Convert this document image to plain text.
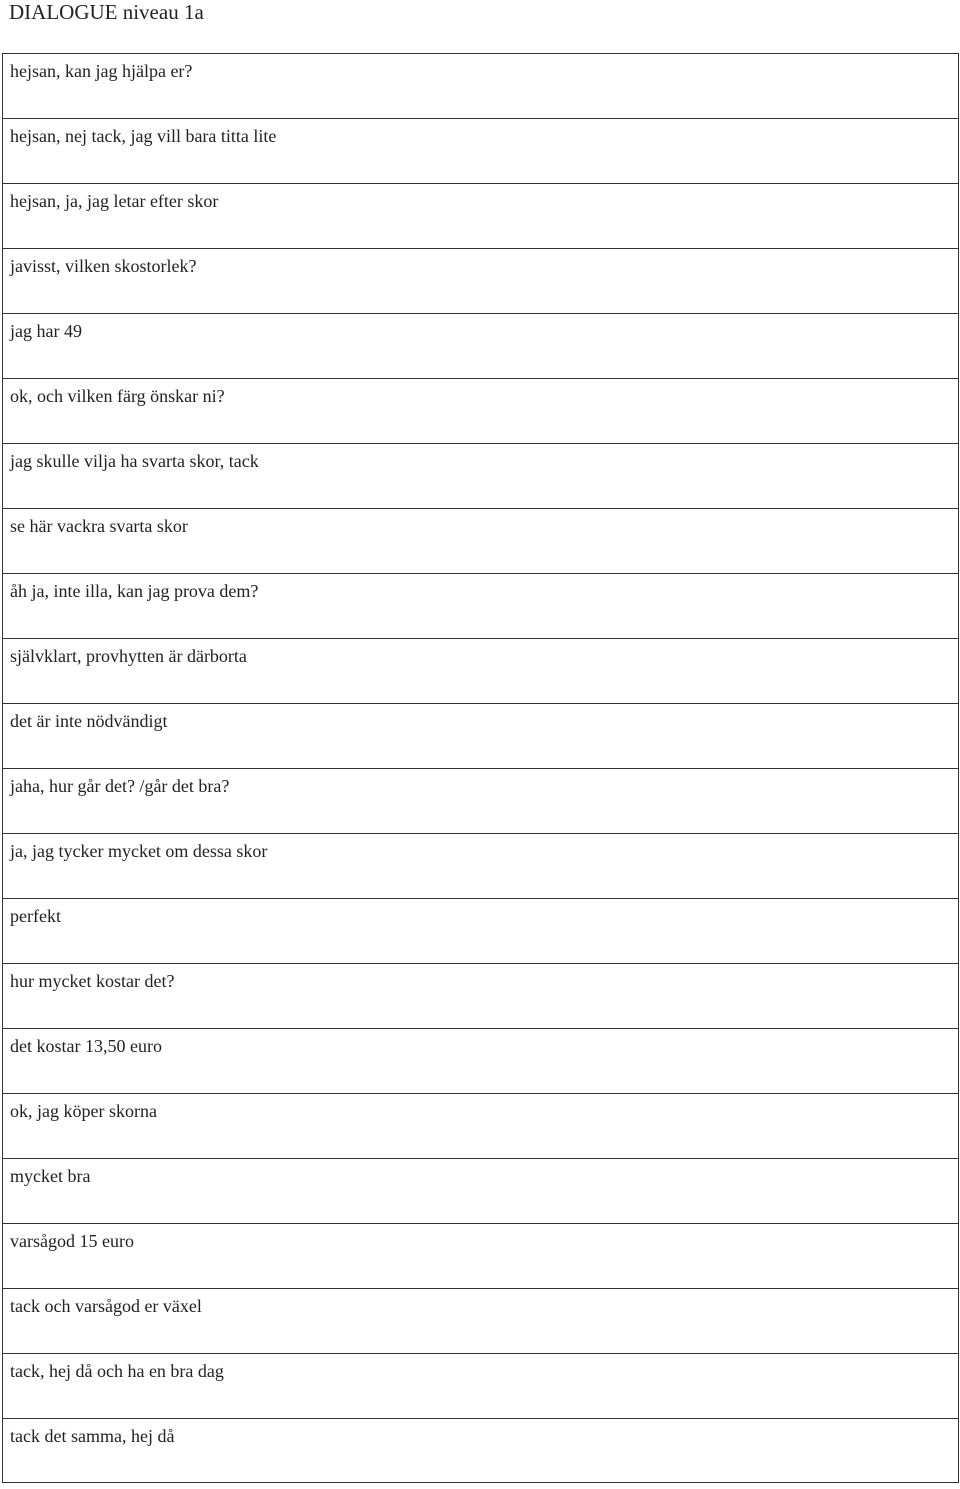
DIALOGUE niveau 1a
hejsan, kan jag hjälpa er?
hejsan, nej tack, jag vill bara titta lite
hejsan, ja, jag letar efter skor
javisst, vilken skostorlek?
jag har 49
ok, och vilken färg önskar ni?
jag skulle vilja ha svarta skor, tack
se här vackra svarta skor
åh ja, inte illa, kan jag prova dem?
självklart, provhytten är därborta
det är inte nödvändigt
jaha, hur går det? /går det bra?
ja, jag tycker mycket om dessa skor
perfekt
hur mycket kostar det?
det kostar 13,50 euro
ok, jag köper skorna
mycket bra
varsågod 15 euro
tack och varsågod er växel
tack, hej då och ha en bra dag
tack det samma, hej då
